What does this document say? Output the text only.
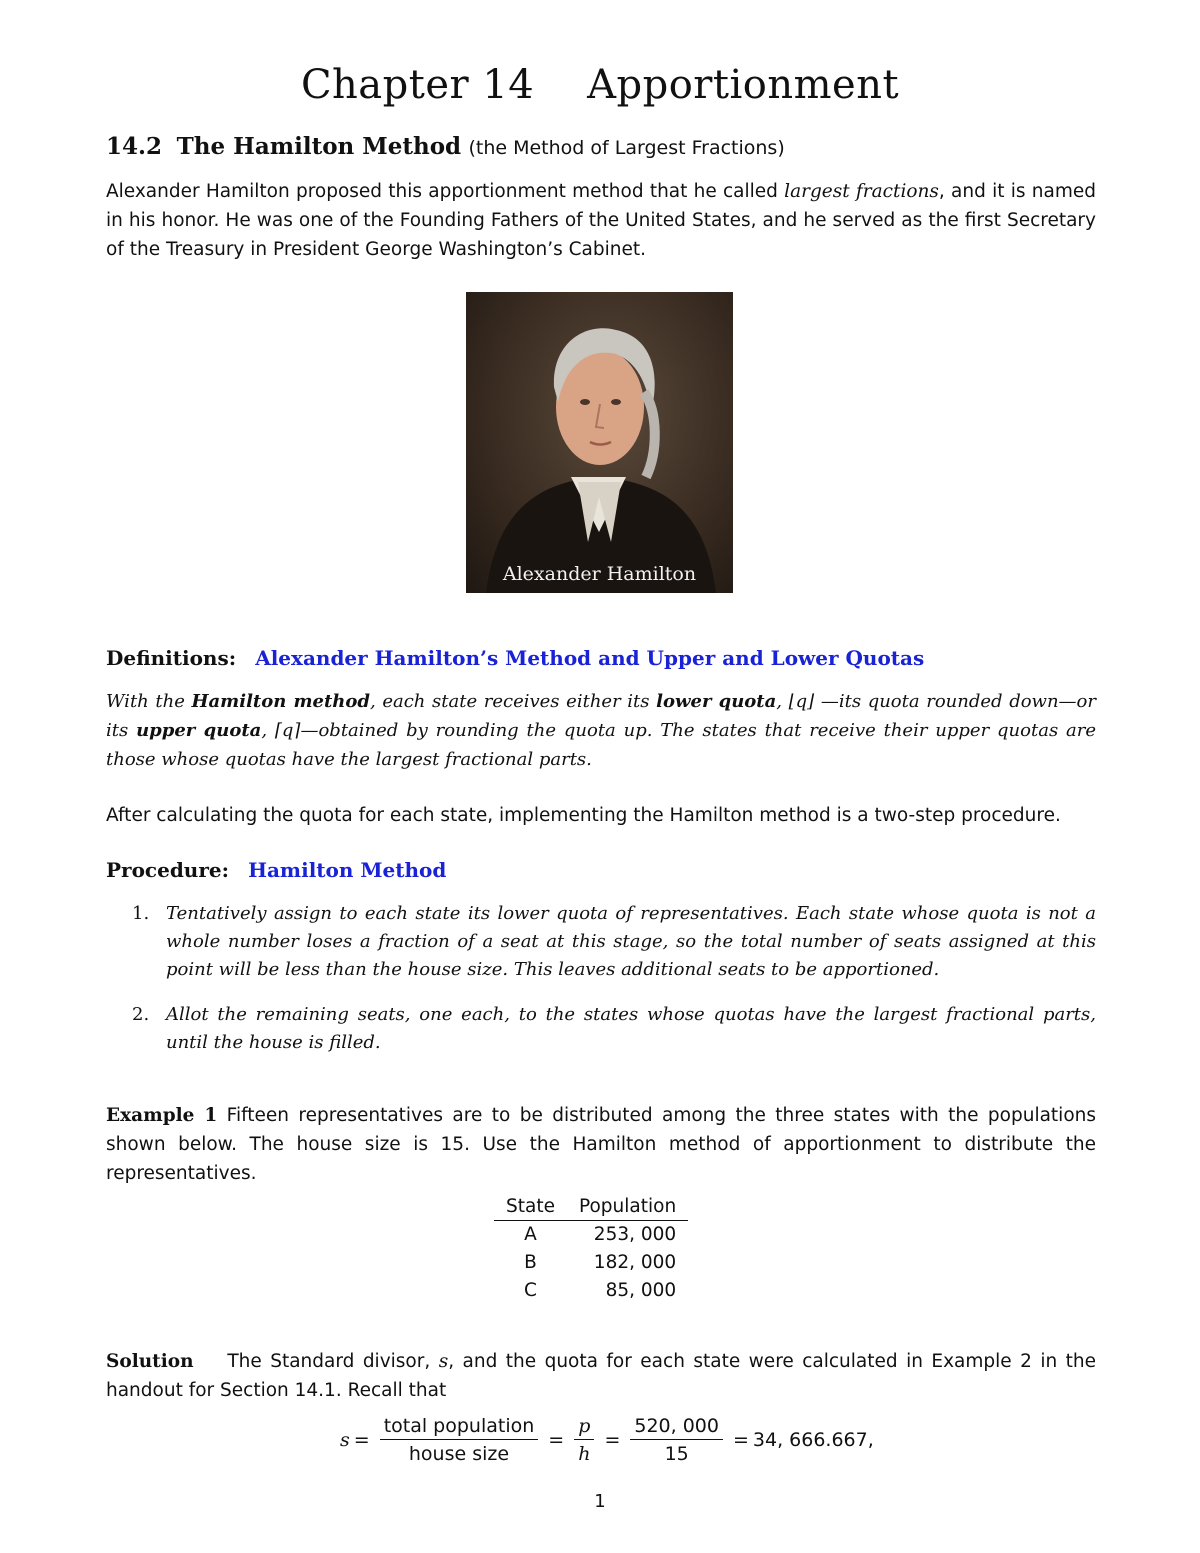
Chapter 14    Apportionment
14.2 The Hamilton Method (the Method of Largest Fractions)
Alexander Hamilton proposed this apportionment method that he called largest fractions, and it is named in his honor. He was one of the Founding Fathers of the United States, and he served as the first Secretary of the Treasury in President George Washington’s Cabinet.
Alexander Hamilton
Definitions: Alexander Hamilton’s Method and Upper and Lower Quotas
With the Hamilton method, each state receives either its lower quota, ⌊q⌋ —its quota rounded down—or its upper quota, ⌈q⌉—obtained by rounding the quota up. The states that receive their upper quotas are those whose quotas have the largest fractional parts.
After calculating the quota for each state, implementing the Hamilton method is a two-step procedure.
Procedure: Hamilton Method
1. Tentatively assign to each state its lower quota of representatives. Each state whose quota is not a whole number loses a fraction of a seat at this stage, so the total number of seats assigned at this point will be less than the house size. This leaves additional seats to be apportioned.
2. Allot the remaining seats, one each, to the states whose quotas have the largest fractional parts, until the house is filled.
Example 1 Fifteen representatives are to be distributed among the three states with the populations shown below. The house size is 15. Use the Hamilton method of apportionment to distribute the representatives.
State	Population
A	253, 000
B	182, 000
C	85, 000
Solution    The Standard divisor, s, and the quota for each state were calculated in Example 2 in the handout for Section 14.1. Recall that
$s = \frac{\text{total population}}{\text{house size}} = \frac{p}{h} = \frac{520, 000}{15} = 34$, 666.667,
1
